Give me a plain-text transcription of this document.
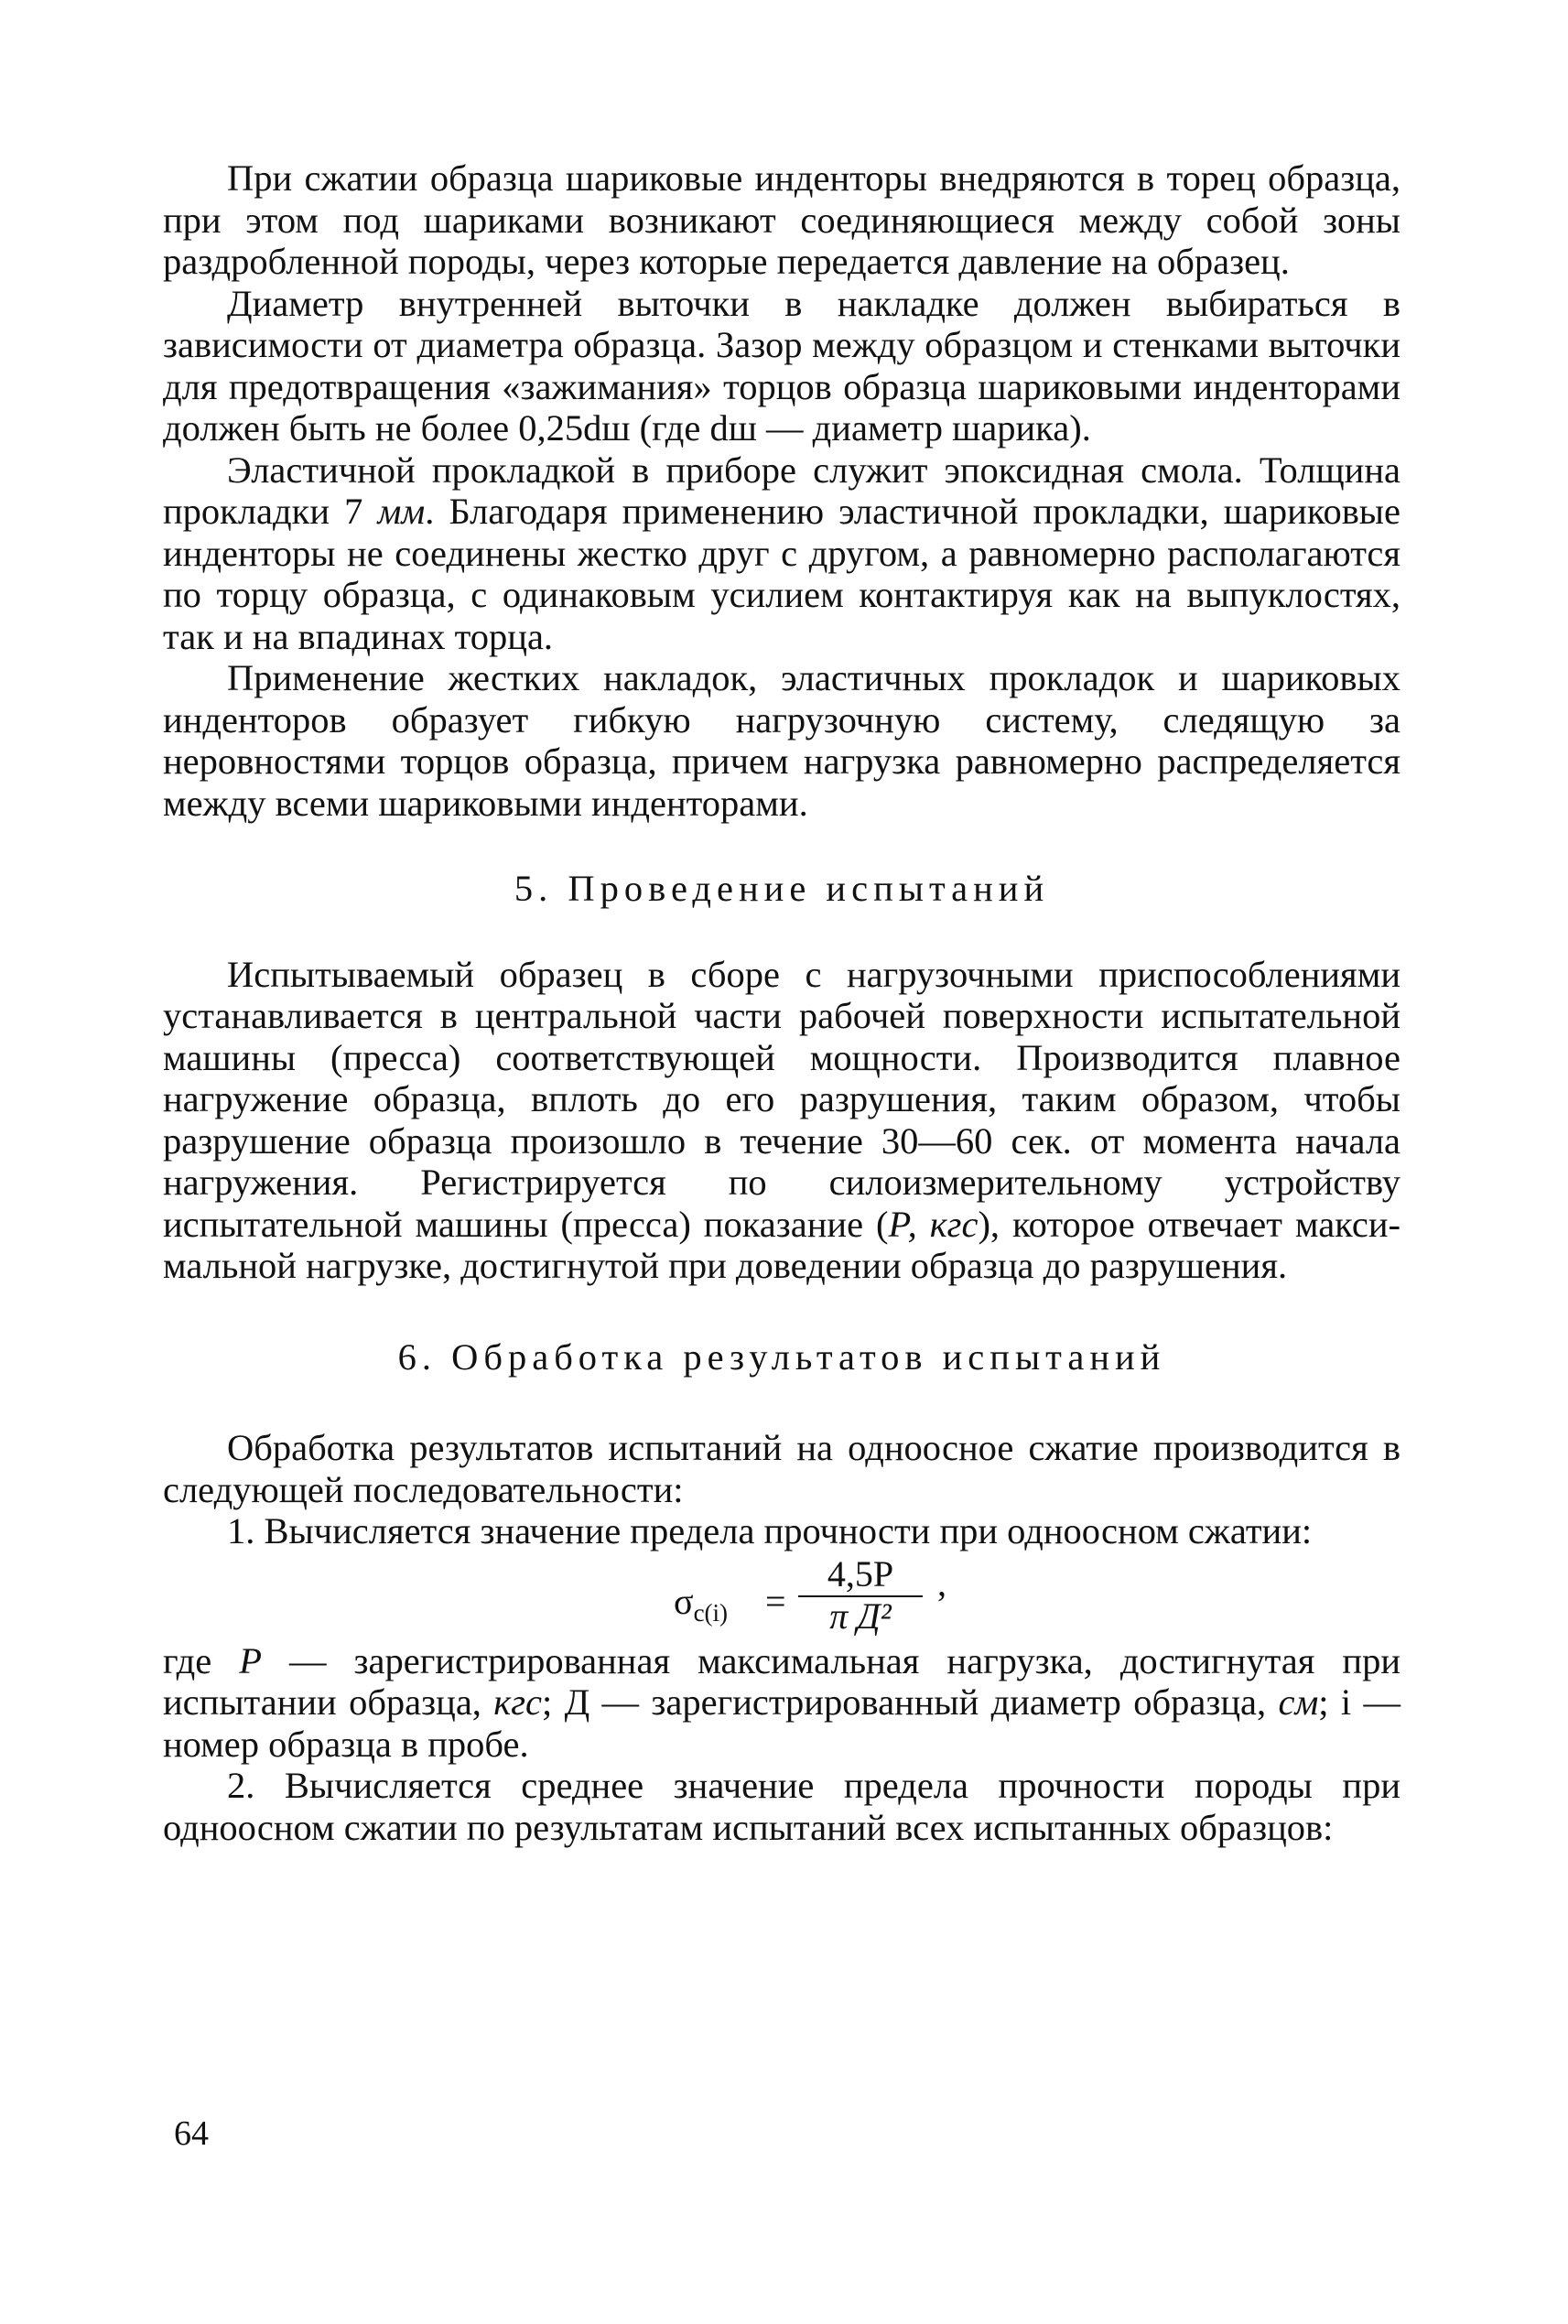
При сжатии образца шариковые инденторы внедряются в торец образца, при этом под шариками возникают соединяющиеся между собой зоны раздробленной породы, через которые передается давление на образец.

Диаметр внутренней выточки в накладке должен выбираться в зависимости от диаметра образца. Зазор между образцом и стенками выточки для предотвращения «зажимания» торцов образца шариковыми инденторами должен быть не более 0,25dш (где dш — диаметр шарика).

Эластичной прокладкой в приборе служит эпоксидная смола. Толщина прокладки 7 мм. Благодаря применению эластичной прокладки, шариковые инденторы не соединены жестко друг с другом, а равномерно располагаются по торцу образца, с одинаковым усилием контактируя как на выпуклостях, так и на впадинах торца.

Применение жестких накладок, эластичных прокладок и шариковых инденторов образует гибкую нагрузочную систему, следящую за неровностями торцов образца, причем нагрузка равномерно распределяется между всеми шариковыми инденторами.

5. Проведение испытаний

Испытываемый образец в сборе с нагрузочными приспособлениями устанавливается в центральной части рабочей поверхности испытательной машины (пресса) соответствующей мощности. Производится плавное нагружение образца, вплоть до его разрушения, таким образом, чтобы разрушение образца произошло в течение 30—60 сек. от момента начала нагружения. Регистрируется по силоизмерительному устройству испытательной машины (пресса) показание (Р, кгс), которое отвечает максимальной нагрузке, достигнутой при доведении образца до разрушения.

6. Обработка результатов испытаний

Обработка результатов испытаний на одноосное сжатие производится в следующей последовательности:

1. Вычисляется значение предела прочности при одноосном сжатии:

$\sigma_{с(i)}$ =
4,5Р
π Д²
,

где Р — зарегистрированная максимальная нагрузка, достигнутая при испытании образца, кгс; Д — зарегистрированный диаметр образца, см; i — номер образца в пробе.

2. Вычисляется среднее значение предела прочности породы при одноосном сжатии по результатам испытаний всех испытанных образцов:

64
